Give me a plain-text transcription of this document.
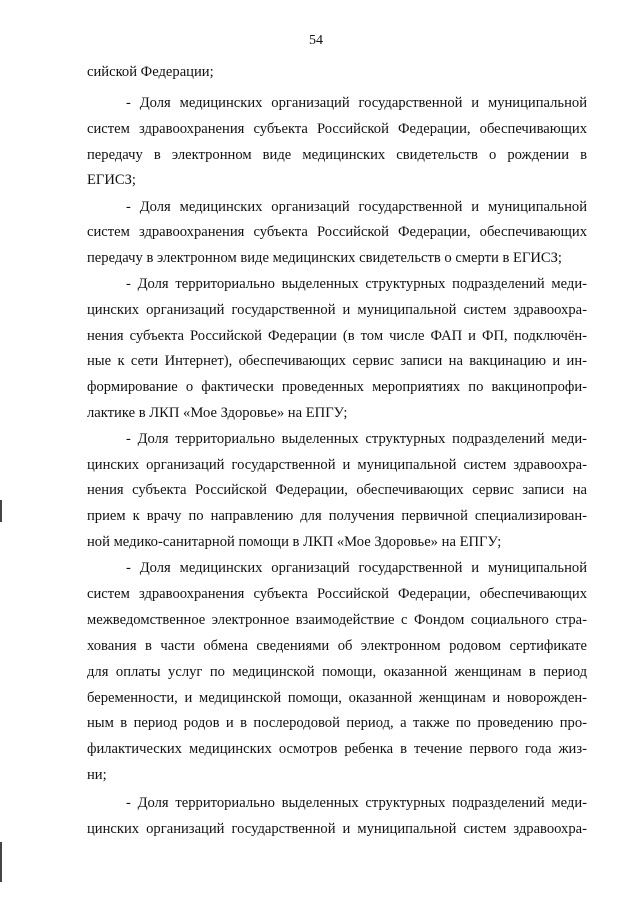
54
сийской Федерации;
- Доля медицинских организаций государственной и муниципальной
систем здравоохранения субъекта Российской Федерации, обеспечивающих
передачу в электронном виде медицинских свидетельств о рождении в
ЕГИСЗ;
- Доля медицинских организаций государственной и муниципальной
систем здравоохранения субъекта Российской Федерации, обеспечивающих
передачу в электронном виде медицинских свидетельств о смерти в ЕГИСЗ;
- Доля территориально выделенных структурных подразделений меди-
цинских организаций государственной и муниципальной систем здравоохра-
нения субъекта Российской Федерации (в том числе ФАП и ФП, подключён-
ные к сети Интернет), обеспечивающих сервис записи на вакцинацию и ин-
формирование о фактически проведенных мероприятиях по вакцинопрофи-
лактике в ЛКП «Мое Здоровье» на ЕПГУ;
- Доля территориально выделенных структурных подразделений меди-
цинских организаций государственной и муниципальной систем здравоохра-
нения субъекта Российской Федерации, обеспечивающих сервис записи на
прием к врачу по направлению для получения первичной специализирован-
ной медико-санитарной помощи в ЛКП «Мое Здоровье» на ЕПГУ;
- Доля медицинских организаций государственной и муниципальной
систем здравоохранения субъекта Российской Федерации, обеспечивающих
межведомственное электронное взаимодействие с Фондом социального стра-
хования в части обмена сведениями об электронном родовом сертификате
для оплаты услуг по медицинской помощи, оказанной женщинам в период
беременности, и медицинской помощи, оказанной женщинам и новорожден-
ным в период родов и в послеродовой период, а также по проведению про-
филактических медицинских осмотров ребенка в течение первого года жиз-
ни;
- Доля территориально выделенных структурных подразделений меди-
цинских организаций государственной и муниципальной систем здравоохра-
